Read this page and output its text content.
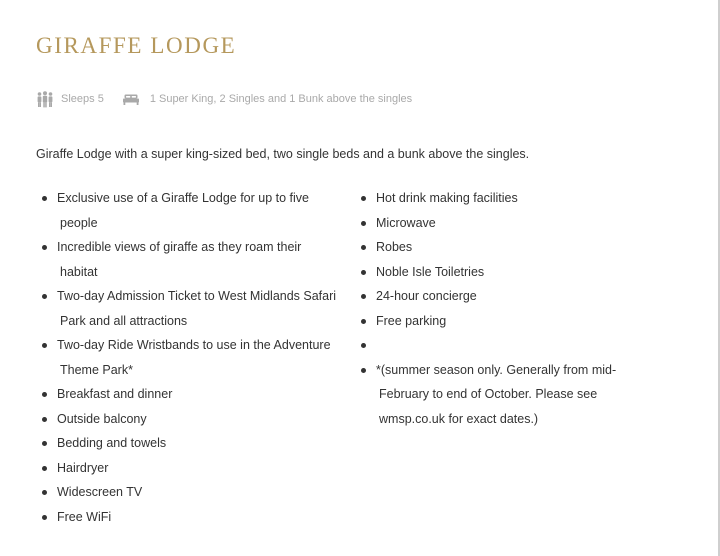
GIRAFFE LODGE
Sleeps 5	1 Super King, 2 Singles and 1 Bunk above the singles

Giraffe Lodge with a super king-sized bed, two single beds and a bunk above the singles.

Exclusive use of a Giraffe Lodge for up to five
people
Incredible views of giraffe as they roam their
habitat
Two-day Admission Ticket to West Midlands Safari
Park and all attractions
Two-day Ride Wristbands to use in the Adventure
Theme Park*
Breakfast and dinner
Outside balcony
Bedding and towels
Hairdryer
Widescreen TV
Free WiFi
Hot drink making facilities
Microwave
Robes
Noble Isle Toiletries
24-hour concierge
Free parking
*(summer season only. Generally from mid-
February to end of October. Please see
wmsp.co.uk for exact dates.)
